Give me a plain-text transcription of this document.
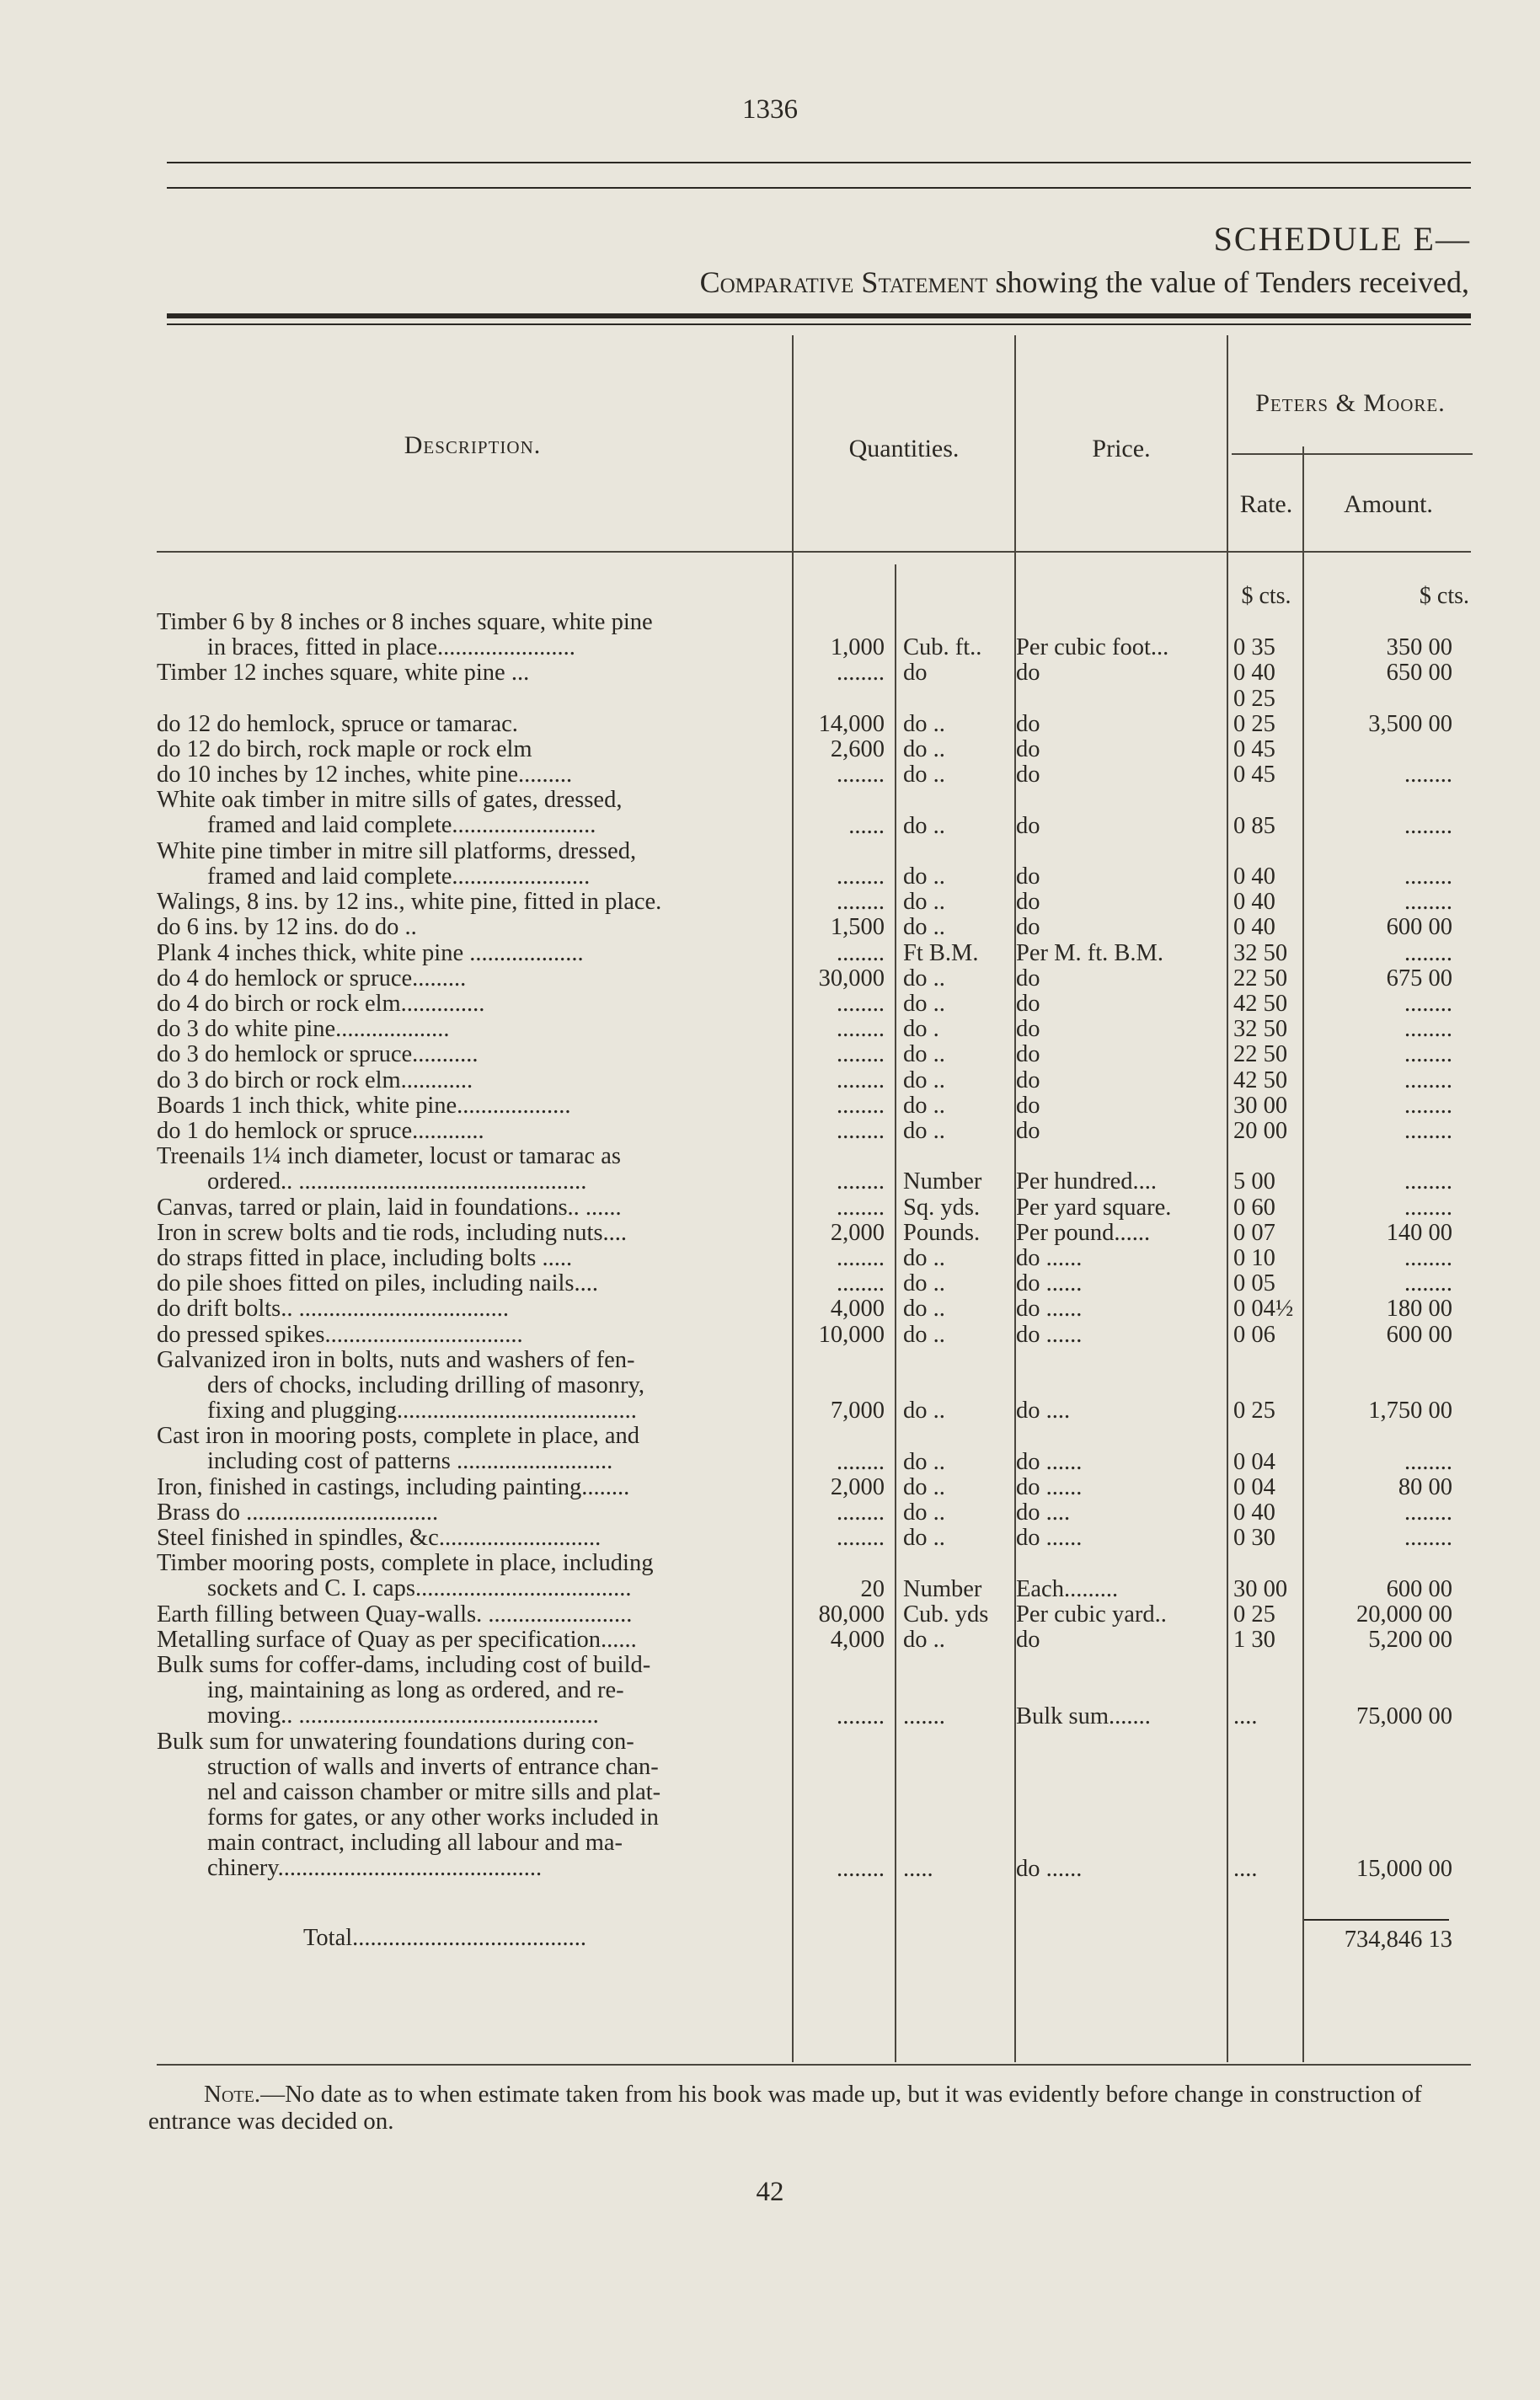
1336
SCHEDULE E—
Comparative Statement showing the value of Tenders received,
Description.	Quantities.	Price.
Peters & Moore.
Rate.	Amount.
$ cts.	$ cts.
Timber 6 by 8 inches or 8 inches square, white pine
in braces, fitted in place.......................	1,000 Cub. ft..	Per cubic foot...	0 35	350 00
Timber 12 inches square, white pine ...	........ do	do	0 40	650 00
0 25
do 12 do hemlock, spruce or tamarac.	14,000 do ..	do	0 25	3,500 00
do 12 do birch, rock maple or rock elm	2,600 do ..	do	0 45
do 10 inches by 12 inches, white pine.........	........ do ..	do	0 45	........
White oak timber in mitre sills of gates, dressed,
framed and laid complete........................	...... do ..	do	0 85	........
White pine timber in mitre sill platforms, dressed,
framed and laid complete.......................	........ do ..	do	0 40	........
Walings, 8 ins. by 12 ins., white pine, fitted in place.	........ do ..	do	0 40	........
do 6 ins. by 12 ins. do do ..	1,500 do ..	do	0 40	600 00
Plank 4 inches thick, white pine ...................	........ Ft B.M.	Per M. ft. B.M.	32 50	........
do 4 do hemlock or spruce.........	30,000 do ..	do	22 50	675 00
do 4 do birch or rock elm..............	........ do ..	do	42 50	........
do 3 do white pine...................	........ do .	do	32 50	........
do 3 do hemlock or spruce...........	........ do ..	do	22 50	........
do 3 do birch or rock elm............	........ do ..	do	42 50	........
Boards 1 inch thick, white pine...................	........ do ..	do	30 00	........
do 1 do hemlock or spruce............	........ do ..	do	20 00	........
Treenails 1¼ inch diameter, locust or tamarac as
ordered.. ................................................	........ Number	Per hundred....	5 00	........
Canvas, tarred or plain, laid in foundations.. ......	........ Sq. yds.	Per yard square.	0 60	........
Iron in screw bolts and tie rods, including nuts....	2,000 Pounds.	Per pound......	0 07	140 00
do straps fitted in place, including bolts .....	........ do ..	do ......	0 10	........
do pile shoes fitted on piles, including nails....	........ do ..	do ......	0 05	........
do drift bolts.. ...................................	4,000 do ..	do ......	0 04½	180 00
do pressed spikes.................................	10,000 do ..	do ......	0 06	600 00
Galvanized iron in bolts, nuts and washers of fen-
ders of chocks, including drilling of masonry,
fixing and plugging........................................	7,000 do ..	do ....	0 25	1,750 00
Cast iron in mooring posts, complete in place, and
including cost of patterns ..........................	........ do ..	do ......	0 04	........
Iron, finished in castings, including painting........	2,000 do ..	do ......	0 04	80 00
Brass do ................................	........ do ..	do ....	0 40	........
Steel finished in spindles, &c...........................	........ do ..	do ......	0 30	........
Timber mooring posts, complete in place, including
sockets and C. I. caps....................................	20 Number	Each.........	30 00	600 00
Earth filling between Quay-walls. ........................	80,000 Cub. yds	Per cubic yard..	0 25	20,000 00
Metalling surface of Quay as per specification......	4,000 do ..	do	1 30	5,200 00
Bulk sums for coffer-dams, including cost of build-
ing, maintaining as long as ordered, and re-
moving.. ..................................................	........ .......	Bulk sum.......	....	75,000 00
Bulk sum for unwatering foundations during con-
struction of walls and inverts of entrance chan-
nel and caisson chamber or mitre sills and plat-
forms for gates, or any other works included in
main contract, including all labour and ma-
chinery............................................	........ .....	do ......	....	15,000 00
Total.......................................	734,846 13
Note.—No date as to when estimate taken from his book was made up, but it was evidently before change in construction of entrance was decided on.
42
